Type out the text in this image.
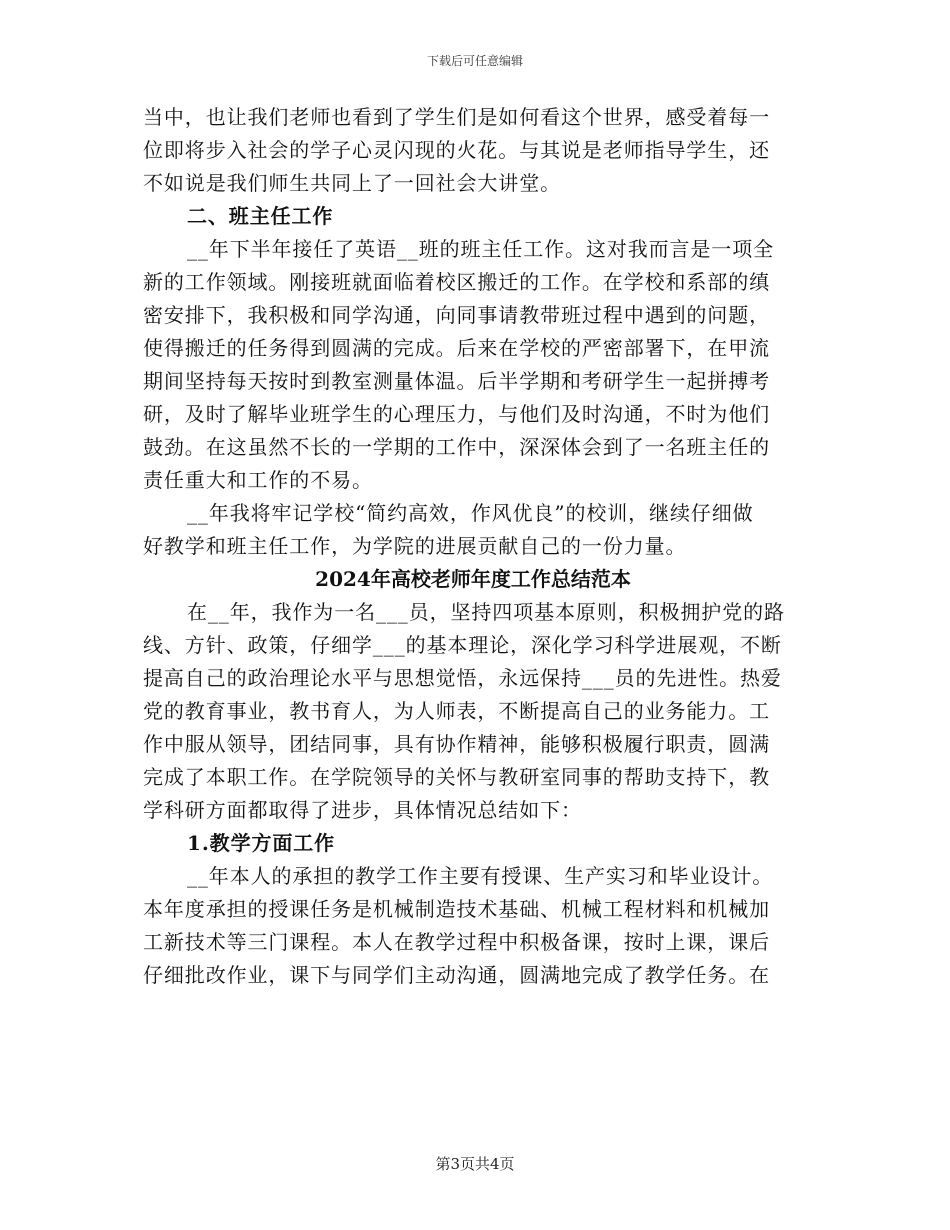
下载后可任意编辑
当中，也让我们老师也看到了学生们是如何看这个世界，感受着每一
位即将步入社会的学子心灵闪现的火花。与其说是老师指导学生，还
不如说是我们师生共同上了一回社会大讲堂。
二、班主任工作
__年下半年接任了英语__班的班主任工作。这对我而言是一项全
新的工作领域。刚接班就面临着校区搬迁的工作。在学校和系部的缜
密安排下，我积极和同学沟通，向同事请教带班过程中遇到的问题，
使得搬迁的任务得到圆满的完成。后来在学校的严密部署下，在甲流
期间坚持每天按时到教室测量体温。后半学期和考研学生一起拼搏考
研，及时了解毕业班学生的心理压力，与他们及时沟通，不时为他们
鼓劲。在这虽然不长的一学期的工作中，深深体会到了一名班主任的
责任重大和工作的不易。
__年我将牢记学校“简约高效，作风优良”的校训，继续仔细做
好教学和班主任工作，为学院的进展贡献自己的一份力量。
2024年高校老师年度工作总结范本
在__年，我作为一名___员，坚持四项基本原则，积极拥护党的路
线、方针、政策，仔细学___的基本理论，深化学习科学进展观，不断
提高自己的政治理论水平与思想觉悟，永远保持___员的先进性。热爱
党的教育事业，教书育人，为人师表，不断提高自己的业务能力。工
作中服从领导，团结同事，具有协作精神，能够积极履行职责，圆满
完成了本职工作。在学院领导的关怀与教研室同事的帮助支持下，教
学科研方面都取得了进步，具体情况总结如下：
1.教学方面工作
__年本人的承担的教学工作主要有授课、生产实习和毕业设计。
本年度承担的授课任务是机械制造技术基础、机械工程材料和机械加
工新技术等三门课程。本人在教学过程中积极备课，按时上课，课后
仔细批改作业，课下与同学们主动沟通，圆满地完成了教学任务。在
第3页共4页
